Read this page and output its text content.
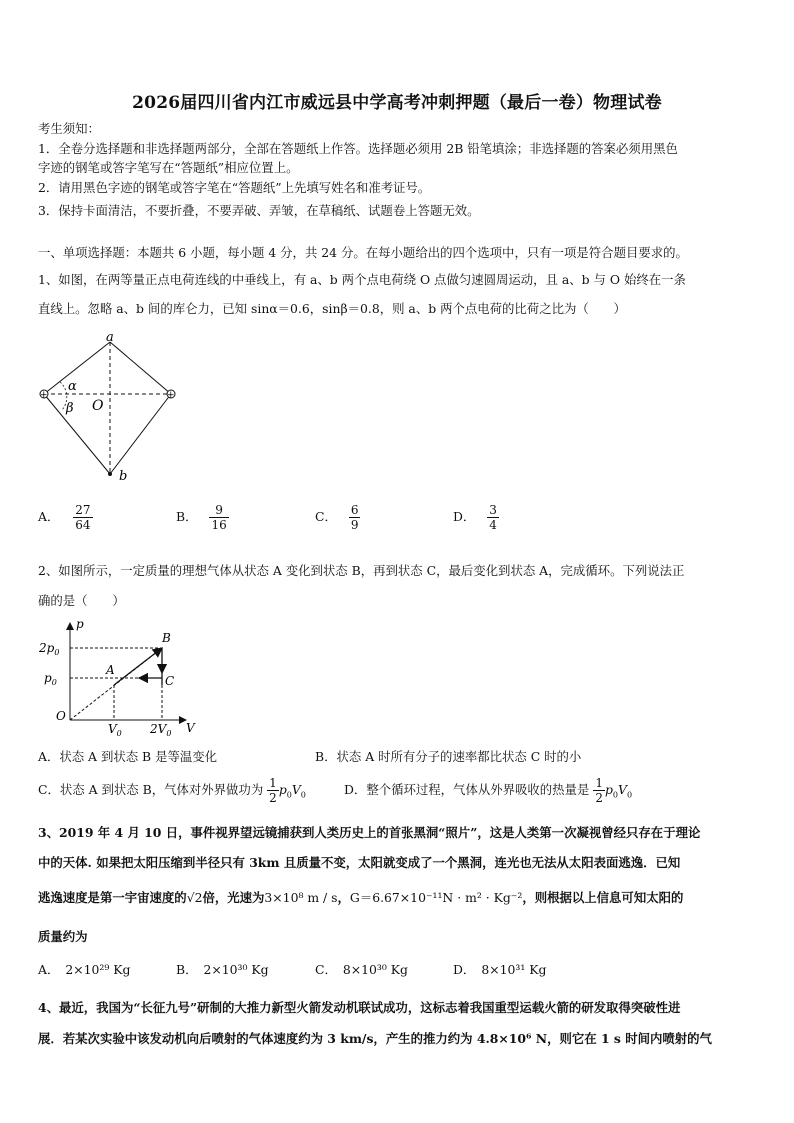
2026届四川省内江市威远县中学高考冲刺押题（最后一卷）物理试卷
考生须知：
1．全卷分选择题和非选择题两部分，全部在答题纸上作答。选择题必须用 2B 铅笔填涂；非选择题的答案必须用黑色
字迹的钢笔或答字笔写在“答题纸”相应位置上。
2．请用黑色字迹的钢笔或答字笔在“答题纸”上先填写姓名和准考证号。
3．保持卡面清洁，不要折叠，不要弄破、弄皱，在草稿纸、试题卷上答题无效。
一、单项选择题：本题共 6 小题，每小题 4 分，共 24 分。在每小题给出的四个选项中，只有一项是符合题目要求的。
1、如图，在两等量正点电荷连线的中垂线上，有 a、b 两个点电荷绕 O 点做匀速圆周运动，且 a、b 与 O 始终在一条
直线上。忽略 a、b 间的库仑力，已知 sinα＝0.6，sinβ＝0.8，则 a、b 两个点电荷的比荷之比为（　　）
+	+
a
b
O
α
β
A． $\frac{27}{64}$	B． $\frac{9}{16}$	C． $\frac{6}{9}$	D． $\frac{3}{4}$
2、如图所示，一定质量的理想气体从状态 A 变化到状态 B，再到状态 C，最后变化到状态 A，完成循环。下列说法正
确的是（　　）
p
V
O
$2p_0$
$p_0$
$V_0$ $2V_0$
A
B
C
A．状态 A 到状态 B 是等温变化	B．状态 A 时所有分子的速率都比状态 C 时的小
C．状态 A 到状态 B，气体对外界做功为 $\frac{1}{2} p_0V_0$	D．整个循环过程，气体从外界吸收的热量是 $\frac{1}{2} p_0V_0$
3、2019 年 4 月 10 日，事件视界望远镜捕获到人类历史上的首张黑洞“照片”，这是人类第一次凝视曾经只存在于理论
中的天体. 如果把太阳压缩到半径只有 3km 且质量不变，太阳就变成了一个黑洞，连光也无法从太阳表面逃逸．已知
逃逸速度是第一宇宙速度的√2倍，光速为3×10⁸ m / s，G＝6.67×10⁻¹¹N · m² · Kg⁻²，则根据以上信息可知太阳的
质量约为
A． 2×10²⁹ Kg	B． 2×10³⁰ Kg	C． 8×10³⁰ Kg	D． 8×10³¹ Kg
4、最近，我国为“长征九号”研制的大推力新型火箭发动机联试成功，这标志着我国重型运载火箭的研发取得突破性进
展．若某次实验中该发动机向后喷射的气体速度约为 3 km/s，产生的推力约为 4.8×10⁶ N，则它在 1 s 时间内喷射的气
